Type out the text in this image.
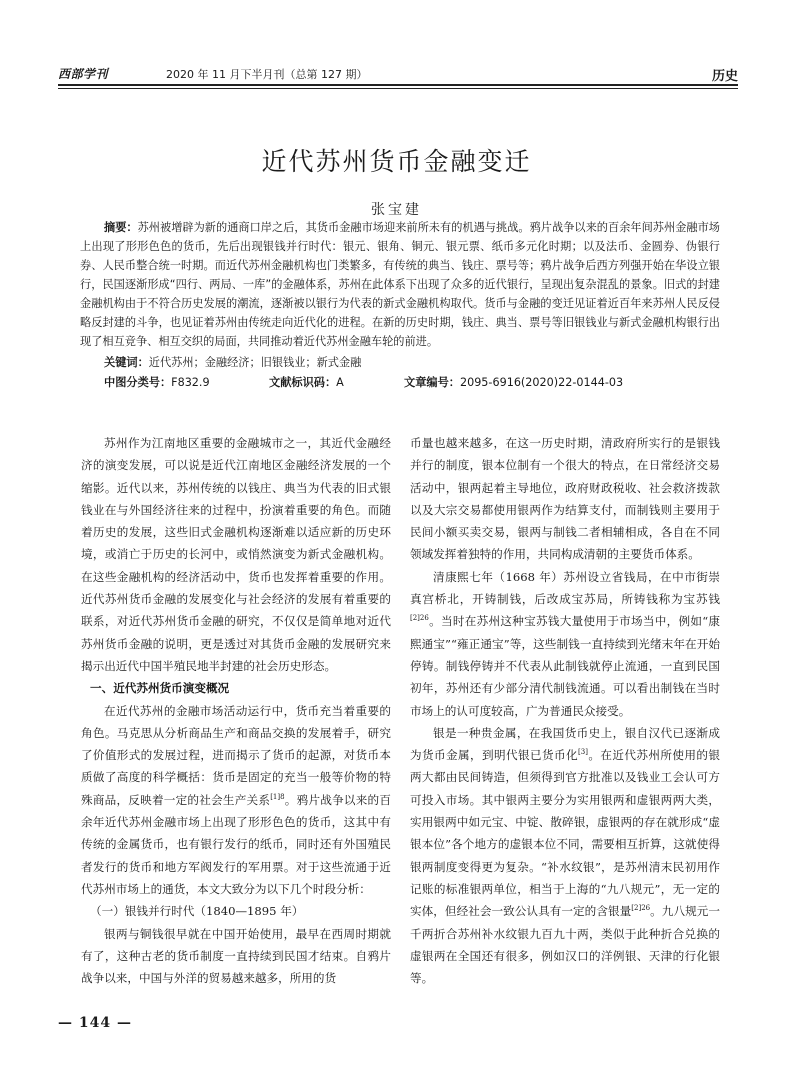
西部学刊	2020 年 11 月下半月刊（总第 127 期）	历史
近代苏州货币金融变迁
张宝建
摘要：苏州被增辟为新的通商口岸之后，其货币金融市场迎来前所未有的机遇与挑战。鸦片战争以来的百余年间苏州金融市场上出现了形形色色的货币，先后出现银钱并行时代：银元、银角、铜元、银元票、纸币多元化时期；以及法币、金圆券、伪银行券、人民币整合统一时期。而近代苏州金融机构也门类繁多，有传统的典当、钱庄、票号等；鸦片战争后西方列强开始在华设立银行，民国逐渐形成“四行、两局、一库”的金融体系，苏州在此体系下出现了众多的近代银行，呈现出复杂混乱的景象。旧式的封建金融机构由于不符合历史发展的潮流，逐渐被以银行为代表的新式金融机构取代。货币与金融的变迁见证着近百年来苏州人民反侵略反封建的斗争，也见证着苏州由传统走向近代化的进程。在新的历史时期，钱庄、典当、票号等旧银钱业与新式金融机构银行出现了相互竞争、相互交织的局面，共同推动着近代苏州金融车轮的前进。
关键词：近代苏州；金融经济；旧银钱业；新式金融
中图分类号：F832.9	文献标识码：A	文章编号：2095-6916(2020)22-0144-03

苏州作为江南地区重要的金融城市之一，其近代金融经济的演变发展，可以说是近代江南地区金融经济发展的一个缩影。近代以来，苏州传统的以钱庄、典当为代表的旧式银钱业在与外国经济往来的过程中，扮演着重要的角色。而随着历史的发展，这些旧式金融机构逐渐难以适应新的历史环境，或消亡于历史的长河中，或悄然演变为新式金融机构。在这些金融机构的经济活动中，货币也发挥着重要的作用。近代苏州货币金融的发展变化与社会经济的发展有着重要的联系，对近代苏州货币金融的研究，不仅仅是简单地对近代苏州货币金融的说明，更是透过对其货币金融的发展研究来揭示出近代中国半殖民地半封建的社会历史形态。

一、近代苏州货币演变概况

在近代苏州的金融市场活动运行中，货币充当着重要的角色。马克思从分析商品生产和商品交换的发展着手，研究了价值形式的发展过程，进而揭示了货币的起源，对货币本质做了高度的科学概括：货币是固定的充当一般等价物的特殊商品，反映着一定的社会生产关系$^{[1]8}$。鸦片战争以来的百余年近代苏州金融市场上出现了形形色色的货币，这其中有传统的金属货币，也有银行发行的纸币，同时还有外国殖民者发行的货币和地方军阀发行的军用票。对于这些流通于近代苏州市场上的通货，本文大致分为以下几个时段分析：

（一）银钱并行时代（1840—1895 年）

银两与铜钱很早就在中国开始使用，最早在西周时期就有了，这种古老的货币制度一直持续到民国才结束。自鸦片战争以来，中国与外洋的贸易越来越多，所用的货

币量也越来越多，在这一历史时期，清政府所实行的是银钱并行的制度，银本位制有一个很大的特点，在日常经济交易活动中，银两起着主导地位，政府财政税收、社会救济拨款以及大宗交易都使用银两作为结算支付，而制钱则主要用于民间小额买卖交易，银两与制钱二者相辅相成，各自在不同领域发挥着独特的作用，共同构成清朝的主要货币体系。

清康熙七年（1668 年）苏州设立省钱局，在中市街崇真宫桥北，开铸制钱，后改成宝苏局，所铸钱称为宝苏钱$^{[2]26}$。当时在苏州这种宝苏钱大量使用于市场当中，例如“康熙通宝”“雍正通宝”等，这些制钱一直持续到光绪末年在开始停铸。制钱停铸并不代表从此制钱就停止流通，一直到民国初年，苏州还有少部分清代制钱流通。可以看出制钱在当时市场上的认可度较高，广为普通民众接受。

银是一种贵金属，在我国货币史上，银自汉代已逐渐成为货币金属，到明代银已货币化[3]。在近代苏州所使用的银两大都由民间铸造，但须得到官方批准以及钱业工会认可方可投入市场。其中银两主要分为实用银两和虚银两两大类，实用银两中如元宝、中锭、散碎银，虚银两的存在就形成“虚银本位”各个地方的虚银本位不同，需要相互折算，这就使得银两制度变得更为复杂。“补水纹银”，是苏州清末民初用作记账的标准银两单位，相当于上海的“九八规元”，无一定的实体，但经社会一致公认具有一定的含银量$^{[2]26}$。九八规元一千两折合苏州补水纹银九百九十两，类似于此种折合兑换的虚银两在全国还有很多，例如汉口的洋例银、天津的行化银等。

— 144 —
